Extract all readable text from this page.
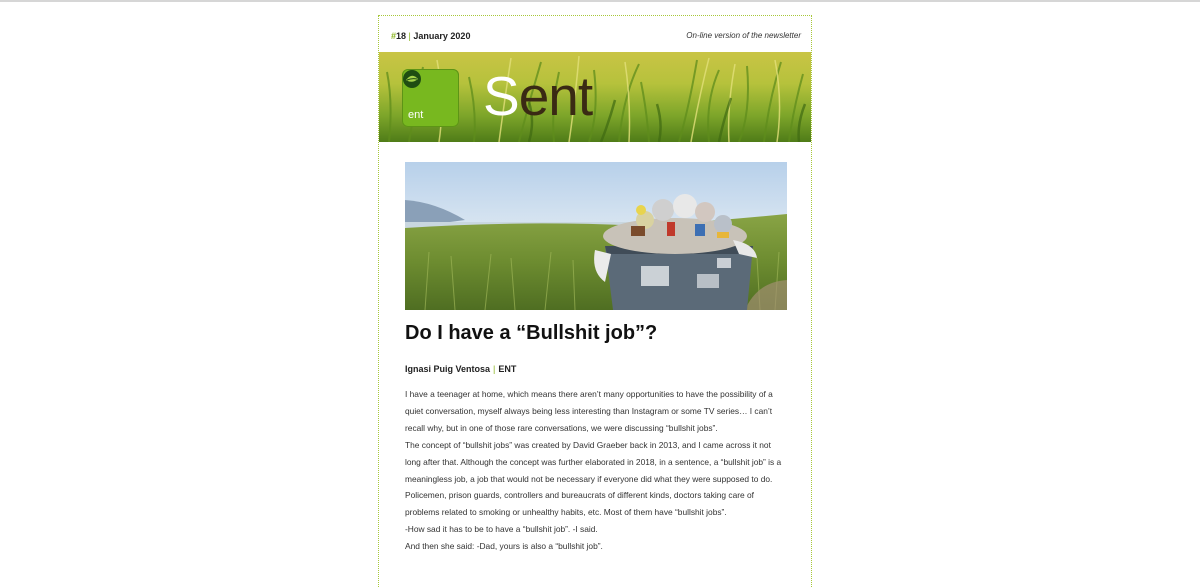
#18 | January 2020	On-line version of the newsletter
ent Sent
Do I have a “Bullshit job”?
Ignasi Puig Ventosa | ENT

I have a teenager at home, which means there aren’t many opportunities to have the possibility of a quiet conversation, myself always being less interesting than Instagram or some TV series… I can’t recall why, but in one of those rare conversations, we were discussing “bullshit jobs”.

The concept of “bullshit jobs” was created by David Graeber back in 2013, and I came across it not long after that. Although the concept was further elaborated in 2018, in a sentence, a “bullshit job” is a meaningless job, a job that would not be necessary if everyone did what they were supposed to do.

Policemen, prison guards, controllers and bureaucrats of different kinds, doctors taking care of problems related to smoking or unhealthy habits, etc. Most of them have “bullshit jobs”.

-How sad it has to be to have a “bullshit job”. -I said.

And then she said: -Dad, yours is also a “bullshit job”.
